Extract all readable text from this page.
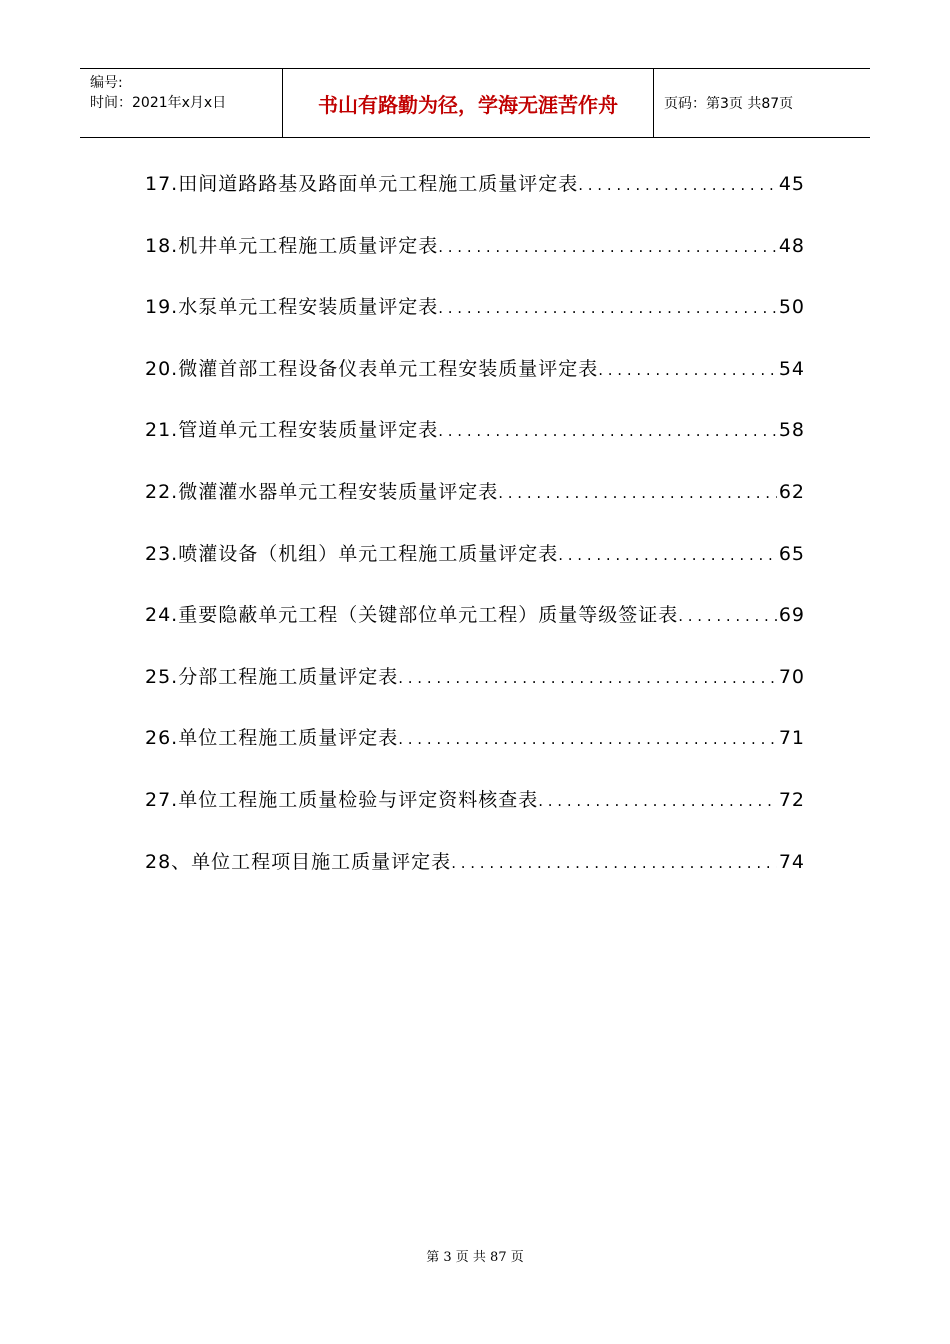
编号:
时间：2021年x月x日	书山有路勤为径，学海无涯苦作舟	页码：第3页 共87页
17.田间道路路基及路面单元工程施工质量评定表 . . .	45
18.机井单元工程施工质量评定表 . . .	48
19.水泵单元工程安装质量评定表 . . .	50
20.微灌首部工程设备仪表单元工程安装质量评定表 . . .	54
21.管道单元工程安装质量评定表 . . .	58
22.微灌灌水器单元工程安装质量评定表 . . .	62
23.喷灌设备（机组）单元工程施工质量评定表 . . .	65
24.重要隐蔽单元工程（关键部位单元工程）质量等级签证表 . . .	69
25.分部工程施工质量评定表 . . .	70
26.单位工程施工质量评定表 . . .	71
27.单位工程施工质量检验与评定资料核查表 . . .	72
28、单位工程项目施工质量评定表 . . .	74
第 3 页 共 87 页
